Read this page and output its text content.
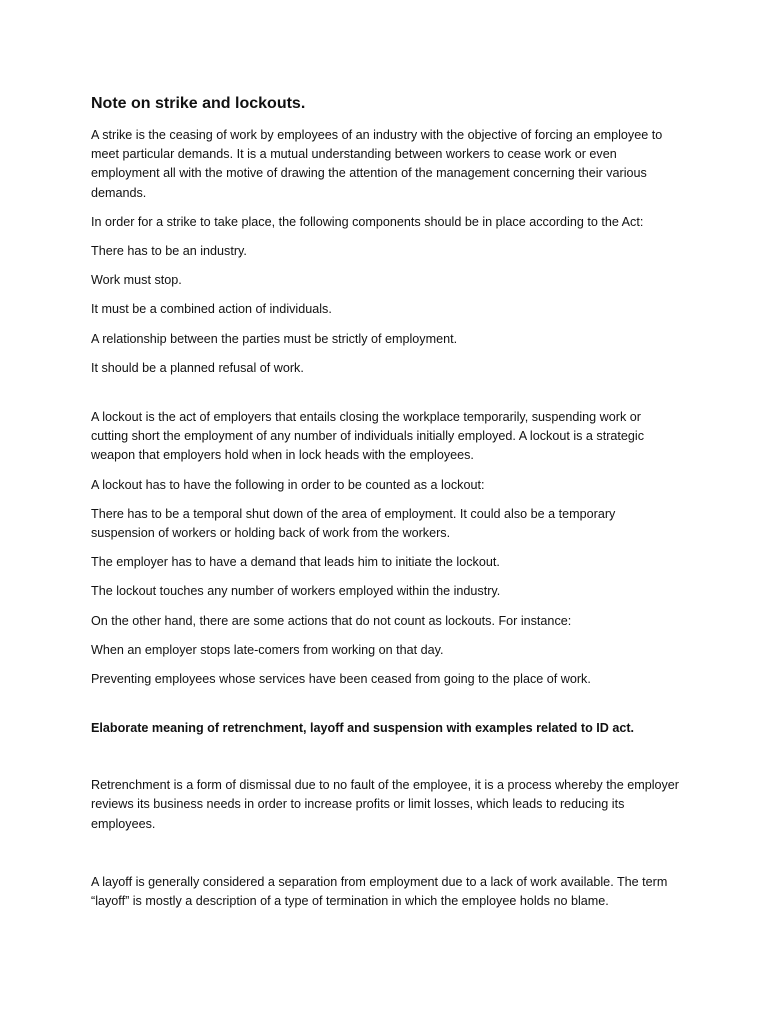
Note on strike and lockouts.

A strike is the ceasing of work by employees of an industry with the objective of forcing an employee to meet particular demands. It is a mutual understanding between workers to cease work or even employment all with the motive of drawing the attention of the management concerning their various demands.

In order for a strike to take place, the following components should be in place according to the Act:

There has to be an industry.

Work must stop.

It must be a combined action of individuals.

A relationship between the parties must be strictly of employment.

It should be a planned refusal of work.

A lockout is the act of employers that entails closing the workplace temporarily, suspending work or cutting short the employment of any number of individuals initially employed. A lockout is a strategic weapon that employers hold when in lock heads with the employees.

A lockout has to have the following in order to be counted as a lockout:

There has to be a temporal shut down of the area of employment. It could also be a temporary suspension of workers or holding back of work from the workers.

The employer has to have a demand that leads him to initiate the lockout.

The lockout touches any number of workers employed within the industry.

On the other hand, there are some actions that do not count as lockouts. For instance:

When an employer stops late-comers from working on that day.

Preventing employees whose services have been ceased from going to the place of work.

Elaborate meaning of retrenchment, layoff and suspension with examples related to ID act.

Retrenchment is a form of dismissal due to no fault of the employee, it is a process whereby the employer reviews its business needs in order to increase profits or limit losses, which leads to reducing its employees.

A layoff is generally considered a separation from employment due to a lack of work available. The term “layoff” is mostly a description of a type of termination in which the employee holds no blame.
